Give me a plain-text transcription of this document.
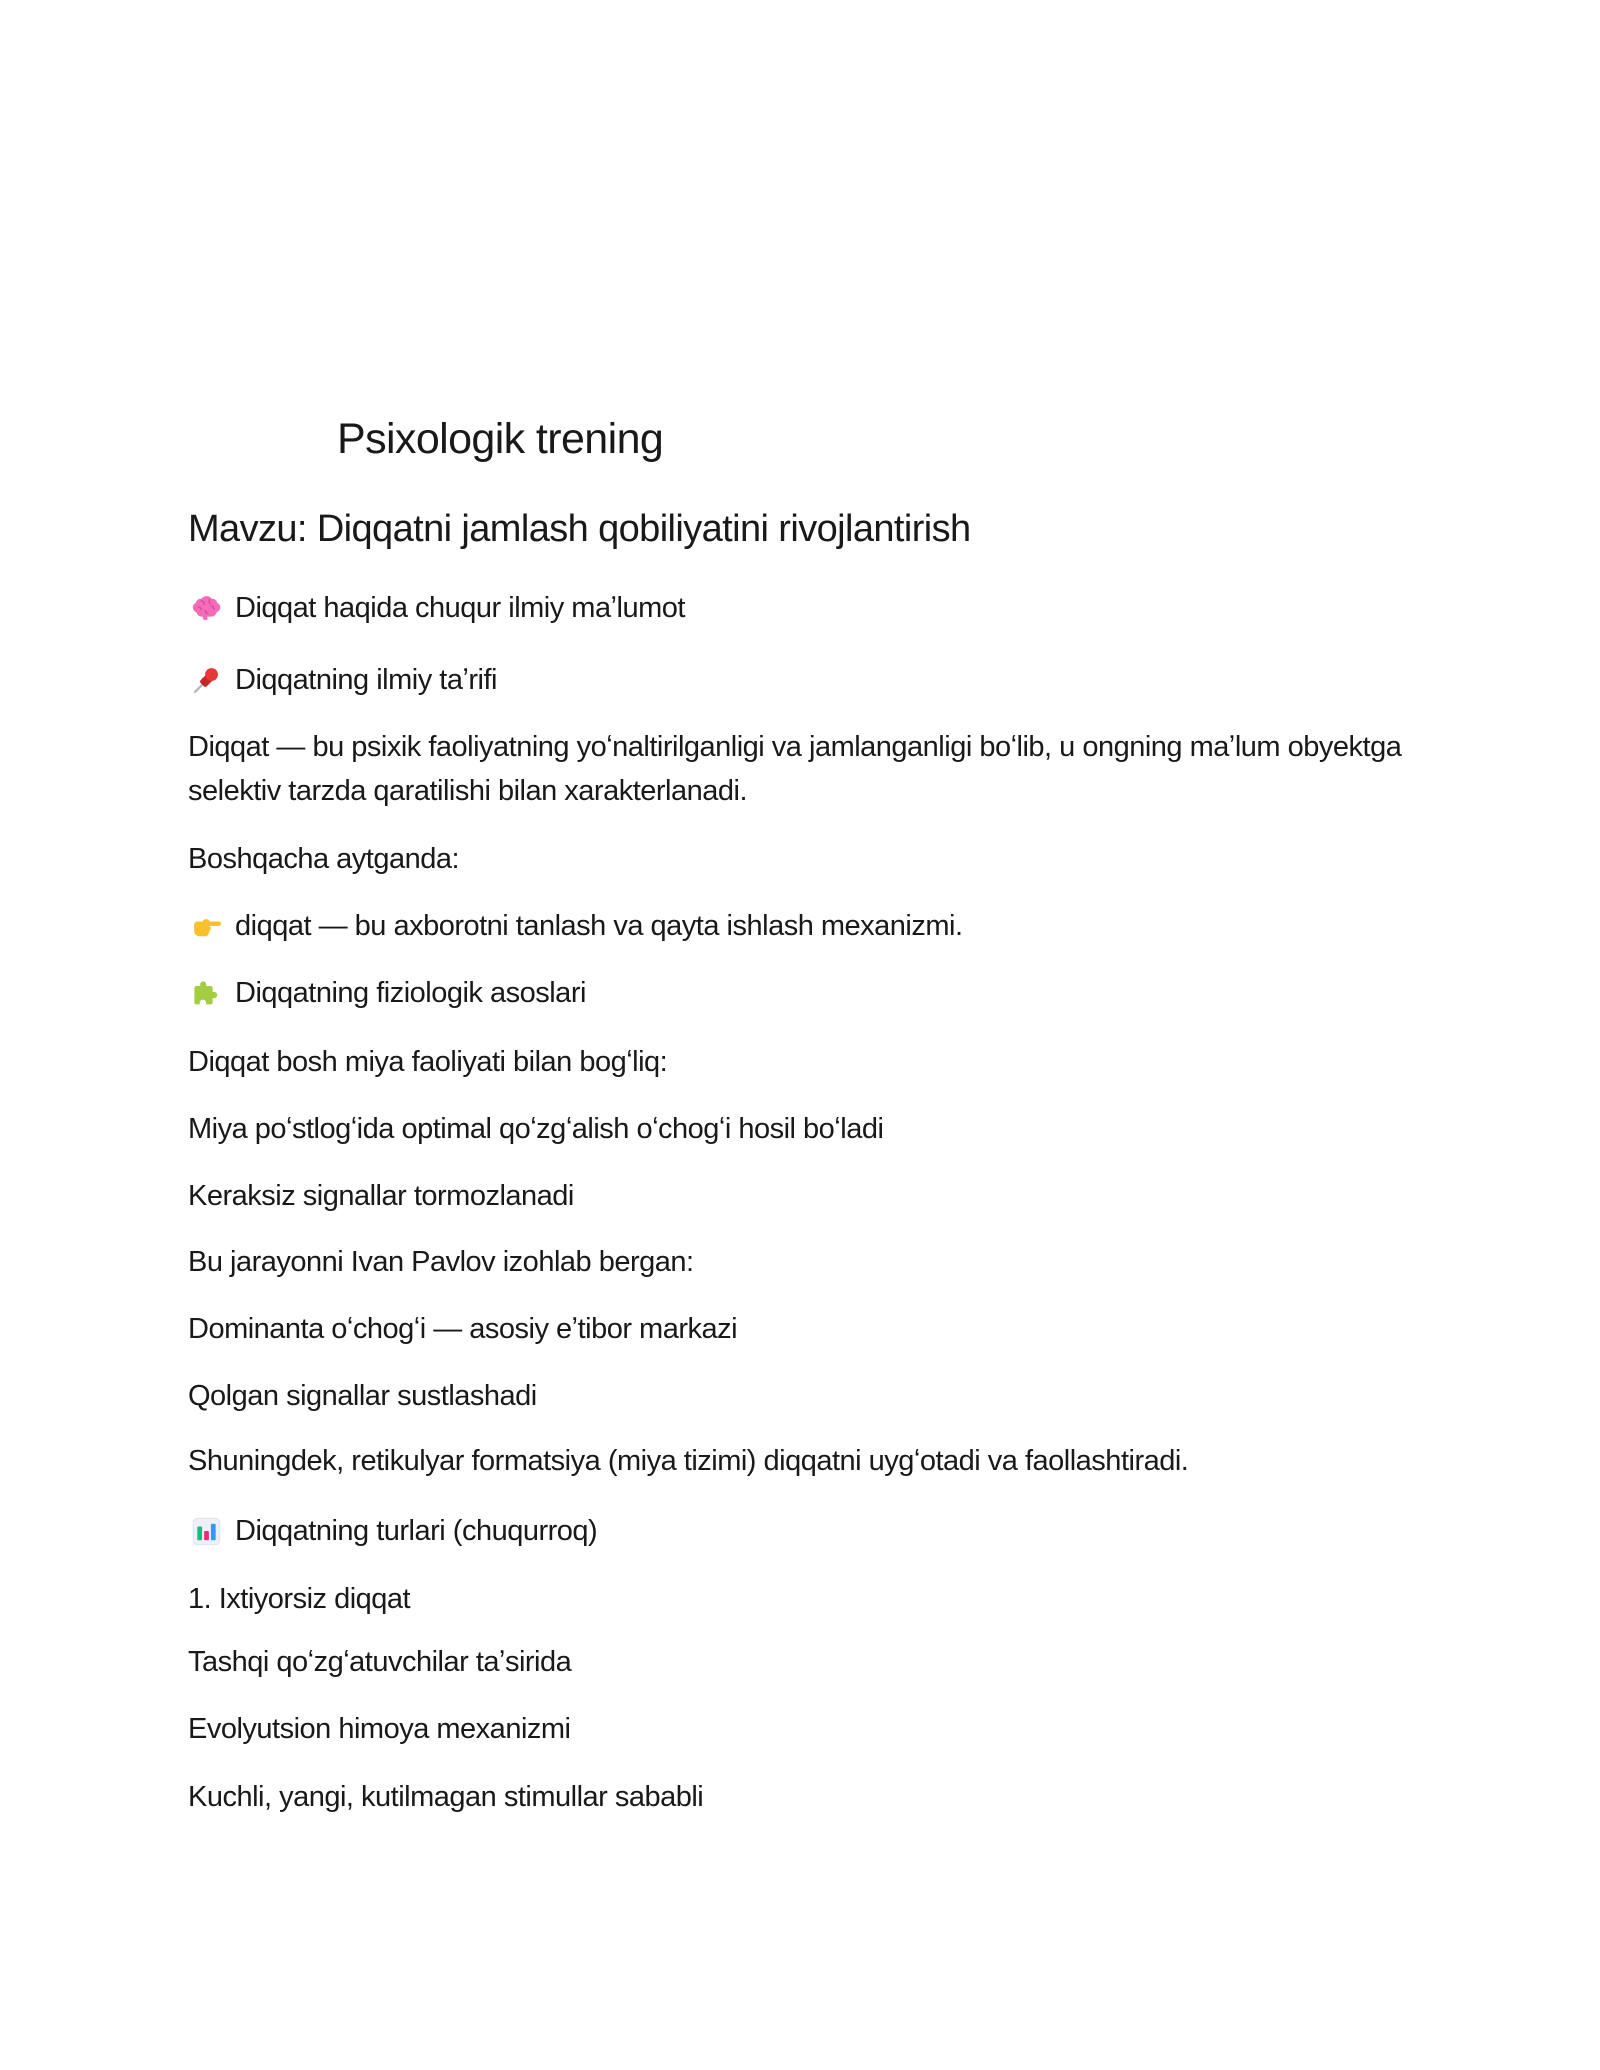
Psixologik trening
Mavzu: Diqqatni jamlash qobiliyatini rivojlantirish
Diqqat haqida chuqur ilmiy maʼlumot
Diqqatning ilmiy taʼrifi

Diqqat — bu psixik faoliyatning yoʻnaltirilganligi va jamlanganligi boʻlib, u ongning maʼlum obyektga

selektiv tarzda qaratilishi bilan xarakterlanadi.

Boshqacha aytganda:

diqqat — bu axborotni tanlash va qayta ishlash mexanizmi.
Diqqatning fiziologik asoslari

Diqqat bosh miya faoliyati bilan bogʻliq:

Miya poʻstlogʻida optimal qoʻzgʻalish oʻchogʻi hosil boʻladi

Keraksiz signallar tormozlanadi

Bu jarayonni Ivan Pavlov izohlab bergan:

Dominanta oʻchogʻi — asosiy eʼtibor markazi

Qolgan signallar sustlashadi

Shuningdek, retikulyar formatsiya (miya tizimi) diqqatni uygʻotadi va faollashtiradi.

Diqqatning turlari (chuqurroq)

1. Ixtiyorsiz diqqat

Tashqi qoʻzgʻatuvchilar taʼsirida

Evolyutsion himoya mexanizmi

Kuchli, yangi, kutilmagan stimullar sababli
